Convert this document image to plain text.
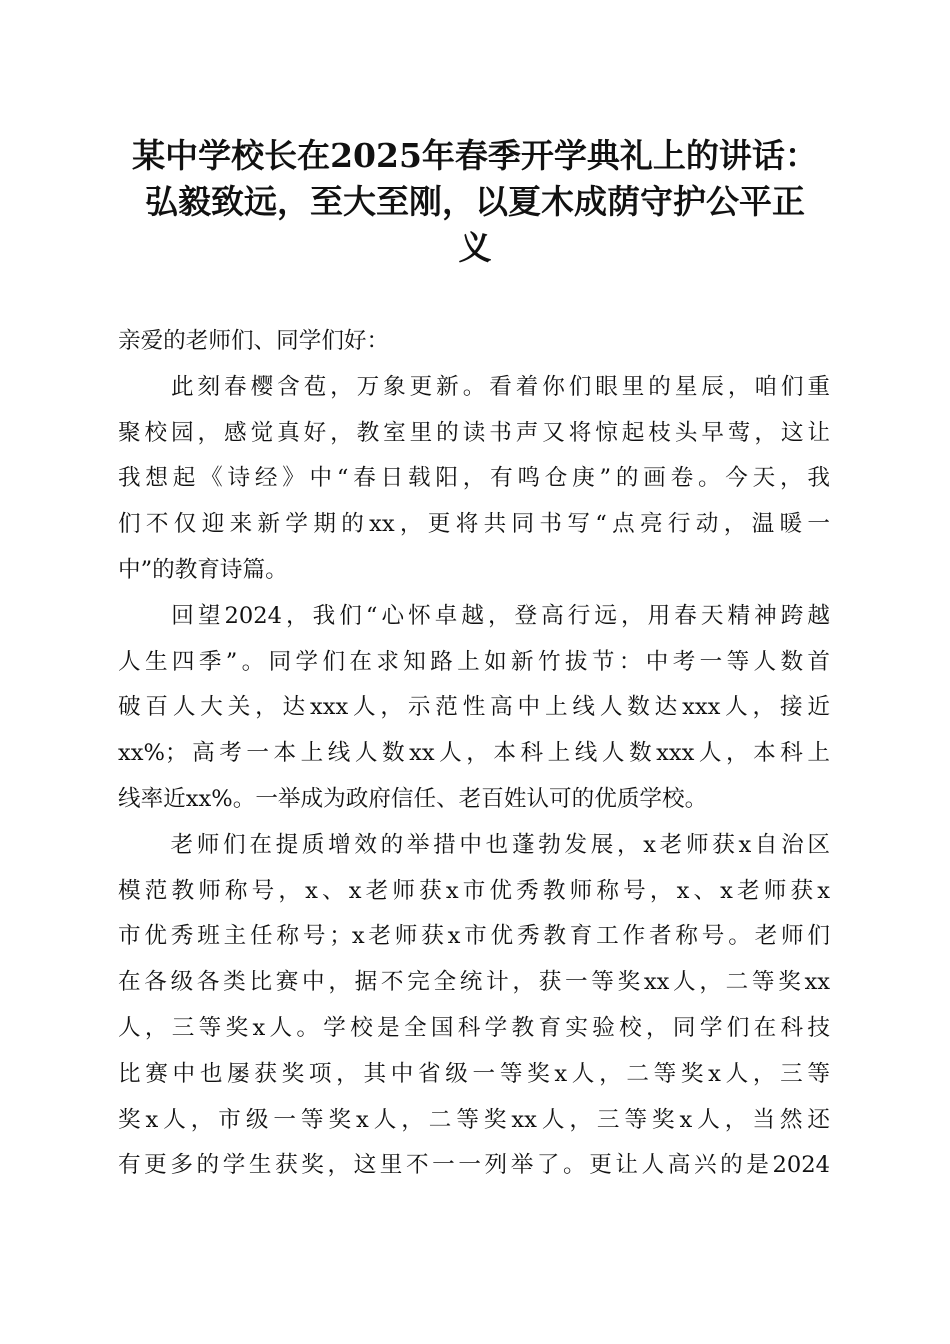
某中学校长在2025年春季开学典礼上的讲话：
弘毅致远，至大至刚，以夏木成荫守护公平正
义

亲爱的老师们、同学们好：

　　此刻春樱含苞，万象更新。看着你们眼里的星辰，咱们重
聚校园，感觉真好，教室里的读书声又将惊起枝头早莺，这让
我想起《诗经》中“春日载阳，有鸣仓庚”的画卷。今天，我
们不仅迎来新学期的xx，更将共同书写“点亮行动，温暖一
中”的教育诗篇。

　　回望2024，我们“心怀卓越，登高行远，用春天精神跨越
人生四季”。同学们在求知路上如新竹拔节：中考一等人数首
破百人大关，达xxx人，示范性高中上线人数达xxx人，接近
xx%；高考一本上线人数xx人，本科上线人数xxx人，本科上
线率近xx%。一举成为政府信任、老百姓认可的优质学校。

　　老师们在提质增效的举措中也蓬勃发展，x老师获x自治区
模范教师称号，x、x老师获x市优秀教师称号，x、x老师获x
市优秀班主任称号；x老师获x市优秀教育工作者称号。老师们
在各级各类比赛中，据不完全统计，获一等奖xx人，二等奖xx
人，三等奖x人。学校是全国科学教育实验校，同学们在科技
比赛中也屡获奖项，其中省级一等奖x人，二等奖x人，三等
奖x人，市级一等奖x人，二等奖xx人，三等奖x人，当然还
有更多的学生获奖，这里不一一列举了。更让人高兴的是2024
